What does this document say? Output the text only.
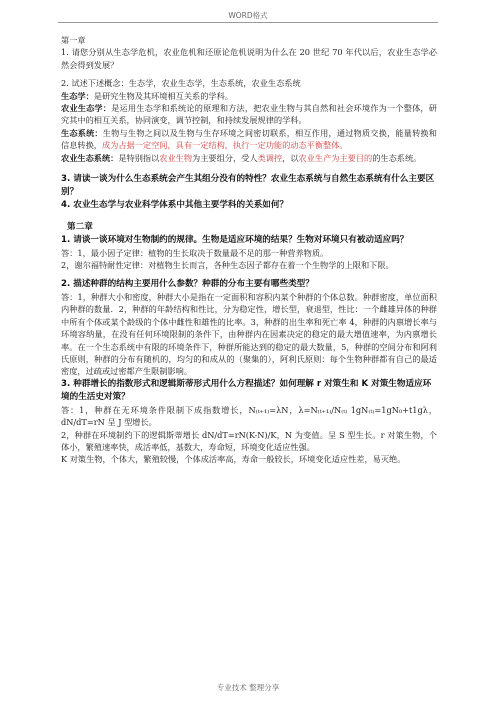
WORD格式

第一章

1. 请您分别从生态学危机，农业危机和还原论危机说明为什么在 20 世纪 70 年代以后，农业生态学必然会得到发展？

2. 试述下述概念：生态学，农业生态学，生态系统，农业生态系统

生态学：是研究生物及其环境相互关系的学科。

农业生态学：是运用生态学和系统论的原理和方法，把农业生物与其自然和社会环境作为一个整体，研究其中的相互关系，协同演变，调节控制，和持续发展规律的学科。

生态系统：生物与生物之间以及生物与生存环境之间密切联系，相互作用，通过物质交换，能量转换和信息转换，成为占据一定空间，具有一定结构，执行一定功能的动态平衡整体。

农业生态系统：是特别指以农业生物为主要组分，受人类调控，以农业生产为主要目的的生态系统。

3. 请读一谈为什么生态系统会产生其组分没有的特性？农业生态系统与自然生态系统有什么主要区别？

4. 农业生态学与农业科学体系中其他主要学科的关系如何？

第二章

1. 请谈一谈环境对生物制约的规律。生物是适应环境的结果？生物对环境只有被动适应吗？

答：1，最小因子定律：植物的生长取决于数量最不足的那一种营养物质。

2，谢尔福特耐性定律：对植物生长而言，各种生态因子都存在着一个生物学的上限和下限。

2. 描述种群的结构主要用什么参数？种群的分布主要有哪些类型？

答：1，种群大小和密度，种群大小是指在一定面积和容积内某个种群的个体总数。种群密度，单位面积内种群的数量．2，种群的年龄结构和性比，分为稳定性，增长型，衰退型，性比：一个雌雄异体的种群中所有个体或某个龄级的个体中雌性和雄性的比率。3，种群的出生率和死亡率 4，种群的内禀增长率与环境容纳量，在没有任何环境限制的条件下，由种群内在因素决定的稳定的最大增值速率，为内禀增长率。在一个生态系统中有限的环境条件下，种群所能达到的稳定的最大数量，5，种群的空间分布和阿利氏原则，种群的分布有随机的，均匀的和成从的（聚集的），阿利氏原则：每个生物种群都有自己的最适密度，过疏或过密都产生限制影响。

3. 种群增长的指数形式和逻辑斯蒂形式用什么方程描述？如何理解 r 对策生和 K 对策生物适应环境的生活史对策？

答：1，种群在无环境条件限制下成指数增长，N₍ₜ₊₁₎=λN，λ=N₍ₜ₊₁₎/N₍ₜ₎ 1gN₍ₜ₎=1gN₀+t1gλ，dN/dT=rN 呈 J 型增长。

2，种群在环境制约下的逻辑斯蒂增长 dN/dT=rN(K-N)/K，N 为变值。呈 S 型生长。r 对策生物，个体小，繁殖速率快，成活率低，基数大，寿命短，环境变化适应性强。

K 对策生物，个体大，繁殖较慢，个体成活率高，寿命一般较长，环境变化适应性差，易灭绝。

专业技术 整理分享
